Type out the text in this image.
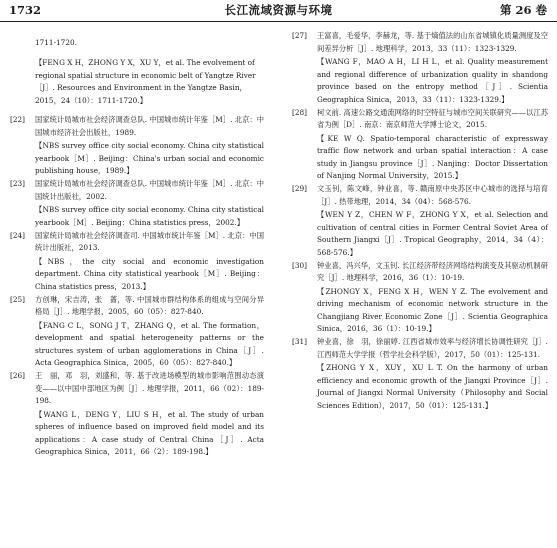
1732	长江流域资源与环境	第 26 卷

1711-1720.

【FENG X H，ZHONG Y X，XU Y，et al. The evolvement of regional spatial structure in economic belt of Yangtze River［J］. Resources and Environment in the Yangtze Basin，2015，24（10）：1711-1720.】

[22] 国家统计局城市社会经济调查总队. 中国城市统计年鉴［M］. 北京：中国城市经济社会出版社，1989.

【NBS survey office city social economy. China city statistical yearbook［M］. Beijing：China's urban social and economic publishing house，1989.】

[23] 国家统计局城市社会经济调查总队. 中国城市统计年鉴［M］. 北京：中国统计出版社，2002.

【NBS survey office city social economy. China city statistical yearbook［M］. Beijing：China statistics press，2002.】

[24] 国家统计局城市社会经济调查司. 中国城市统计年鉴［M］. 北京：中国统计出版社，2013.

【NBS，the city social and economic investigation department. China city statistical yearbook［M］. Beijing：China statistics press，2013.】

[25] 方创琳，宋吉涛，张　蔷，等. 中国城市群结构体系的组成与空间分异格局［J］. 地理学报，2005，60（05）：827-840.

【FANG C L，SONG J T，ZHANG Q，et al. The formation，development and spatial heterogeneity patterns or the structures system of urban agglomerations in China［J］. Acta Geographica Sinica，2005，60（05）：827-840.】

[26] 王　丽，邓　羽，刘盛和，等. 基于改进场模型的城市影响范围动态演变——以中国中部地区为例［J］. 地理学报，2011，66（02）：189-198.

【WANG L，DENG Y，LIU S H，et al. The study of urban spheres of influence based on improved field model and its applications：A case study of Central China［J］. Acta Geographica Sinica，2011，66（2）：189-198.】

[27] 王富喜，毛爱华，李赫龙，等. 基于熵值法的山东省城镇化质量测度及空间差异分析［J］. 地理科学，2013，33（11）：1323-1329.

【WANG F，MAO A H，LI H L，et al. Quality measurement and regional difference of urbanization quality in shandong province based on the entropy method［J］. Scientia Geographica Sinica，2013，33（11）：1323-1329.】

[28] 柯文前. 高速公路交通流网络的时空特征与城市空间关联研究——以江苏省为例［D］. 南京：南京师范大学博士论文，2015.

【KE W Q. Spatio-temporal characteristic of expressway traffic flow network and urban spatial interaction：A case study in Jiangsu province［J］. Nanjing：Doctor Dissertation of Nanjing Normal University，2015.】

[29] 文玉钊，陈文峰，钟业喜，等. 赣南原中央苏区中心城市的选择与培育［J］. 热带地理，2014，34（04）：568-576.

【WEN Y Z，CHEN W F，ZHONG Y X，et al. Selection and cultivation of central cities in Former Central Soviet Area of Southern Jiangxi［J］. Tropical Geography，2014，34（4）：568-576.】

[30] 钟业喜，冯兴华，文玉钊. 长江经济带经济网络结构演变及其驱动机制研究［J］. 地理科学，2016，36（1）：10-19.

【ZHONGY X，FENG X H，WEN Y Z. The evolvement and driving mechanism of economic network structure in the Changjiang River Economic Zone［J］. Scientia Geographica Sinica，2016，36（1）：10-19.】

[31] 钟业喜，徐　羽，徐丽婷. 江西省城市效率与经济增长协调性研究［J］. 江西师范大学学报（哲学社会科学版），2017，50（01）：125-131.

【ZHONG Y X，XUY，XU L T. On the harmony of urban efficiency and economic growth of the Jiangxi Province［J］. Journal of Jiangxi Normal University（Philosophy and Social Sciences Edition），2017，50（01）：125-131.】
